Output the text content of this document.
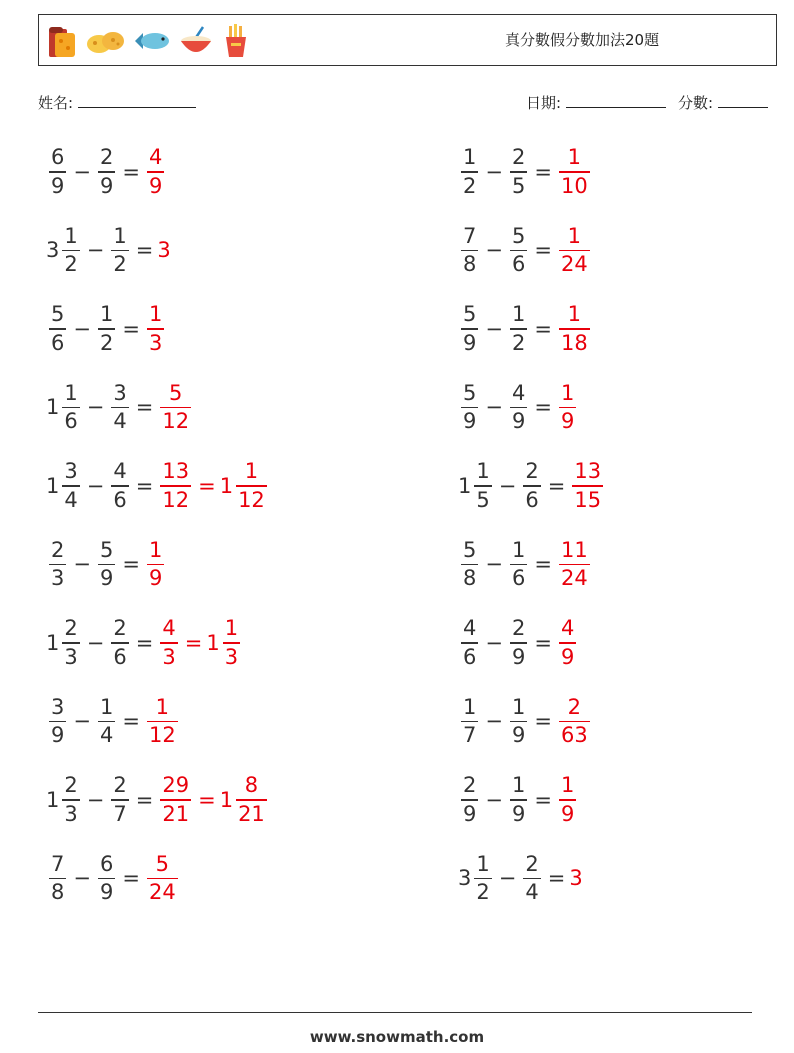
真分數假分數加法20題
姓名:	日期:	分數:
$\frac{6}{9} - \frac{2}{9} = \frac{4}{9}$
$3 \frac{1}{2} - \frac{1}{2} = 3$
$\frac{5}{6} - \frac{1}{2} = \frac{1}{3}$
$1 \frac{1}{6} - \frac{3}{4} = \frac{5}{12}$
$1 \frac{3}{4} - \frac{4}{6} = \frac{13}{12} = 1 \frac{1}{12}$
$\frac{2}{3} - \frac{5}{9} = \frac{1}{9}$
$1 \frac{2}{3} - \frac{2}{6} = \frac{4}{3} = 1 \frac{1}{3}$
$\frac{3}{9} - \frac{1}{4} = \frac{1}{12}$
$1 \frac{2}{3} - \frac{2}{7} = \frac{29}{21} = 1 \frac{8}{21}$
$\frac{7}{8} - \frac{6}{9} = \frac{5}{24}$
$\frac{1}{2} - \frac{2}{5} = \frac{1}{10}$
$\frac{7}{8} - \frac{5}{6} = \frac{1}{24}$
$\frac{5}{9} - \frac{1}{2} = \frac{1}{18}$
$\frac{5}{9} - \frac{4}{9} = \frac{1}{9}$
$1 \frac{1}{5} - \frac{2}{6} = \frac{13}{15}$
$\frac{5}{8} - \frac{1}{6} = \frac{11}{24}$
$\frac{4}{6} - \frac{2}{9} = \frac{4}{9}$
$\frac{1}{7} - \frac{1}{9} = \frac{2}{63}$
$\frac{2}{9} - \frac{1}{9} = \frac{1}{9}$
$3 \frac{1}{2} - \frac{2}{4} = 3$
www.snowmath.com
